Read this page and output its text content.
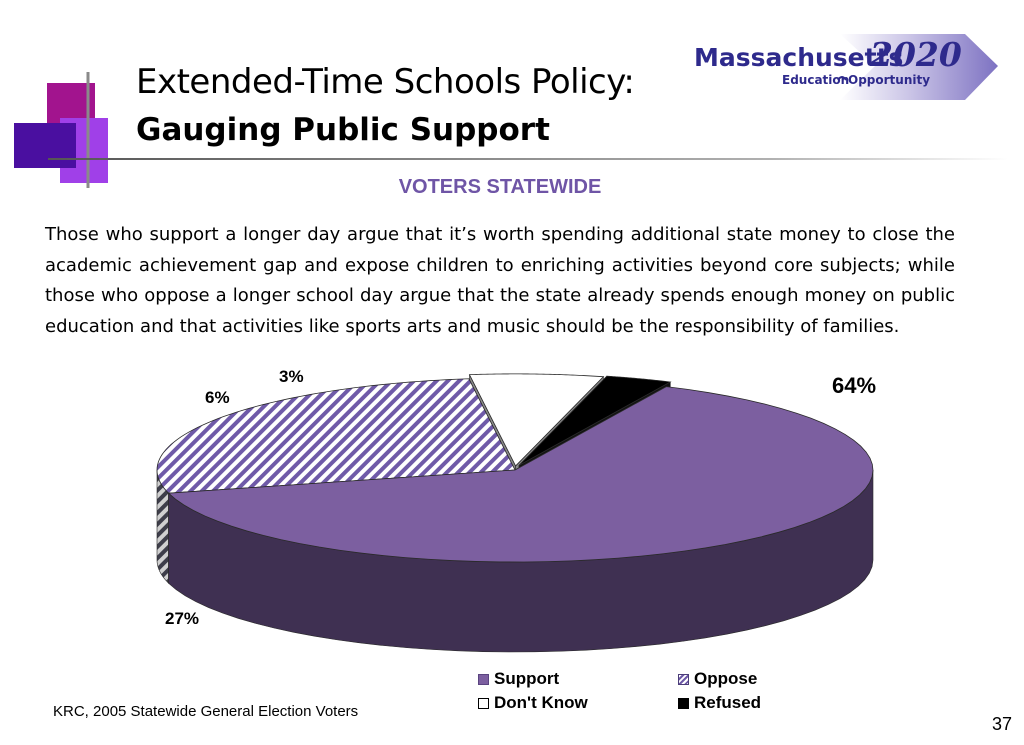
Extended-Time Schools Policy:
Gauging Public Support
Massachusetts
2020
Education
Opportunity
VOTERS STATEWIDE

Those who support a longer day argue that it’s worth spending additional state money to close the academic achievement gap and expose children to enriching activities beyond core subjects; while those who oppose a longer school day argue that the state already spends enough money on public education and that activities like sports arts and music should be the responsibility of families.

64%
27%
6%
3%
Support	Oppose
Don't Know	Refused
KRC, 2005 Statewide General Election Voters
37
